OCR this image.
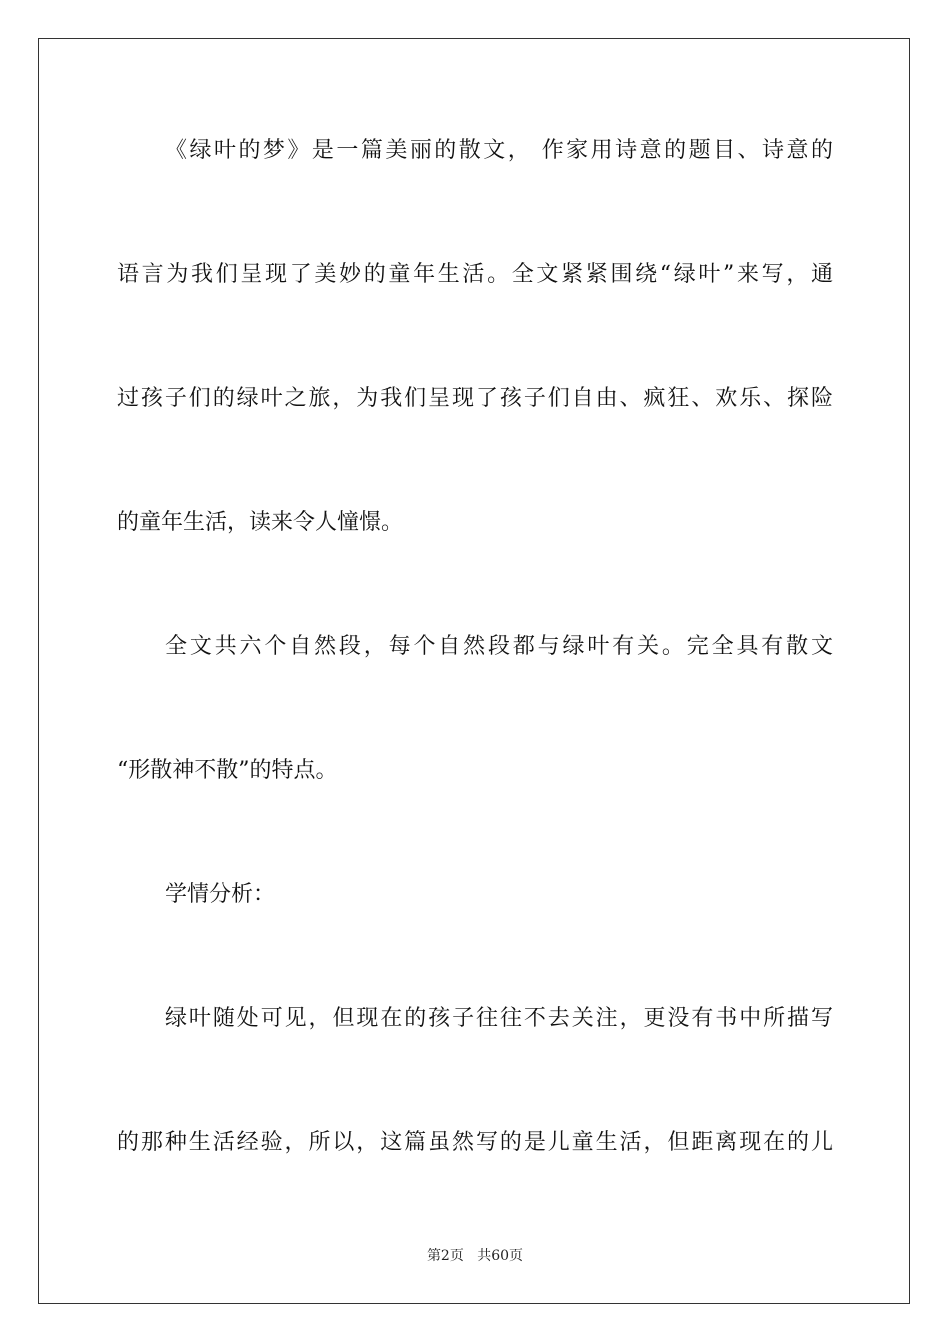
《绿叶的梦》是一篇美丽的散文， 作家用诗意的题目、诗意的
语言为我们呈现了美妙的童年生活。全文紧紧围绕“绿叶”来写，通
过孩子们的绿叶之旅，为我们呈现了孩子们自由、疯狂、欢乐、探险
的童年生活，读来令人憧憬。
全文共六个自然段，每个自然段都与绿叶有关。完全具有散文
“形散神不散”的特点。
学情分析：
绿叶随处可见，但现在的孩子往往不去关注，更没有书中所描写
的那种生活经验，所以，这篇虽然写的是儿童生活，但距离现在的儿
第2页 共60页
